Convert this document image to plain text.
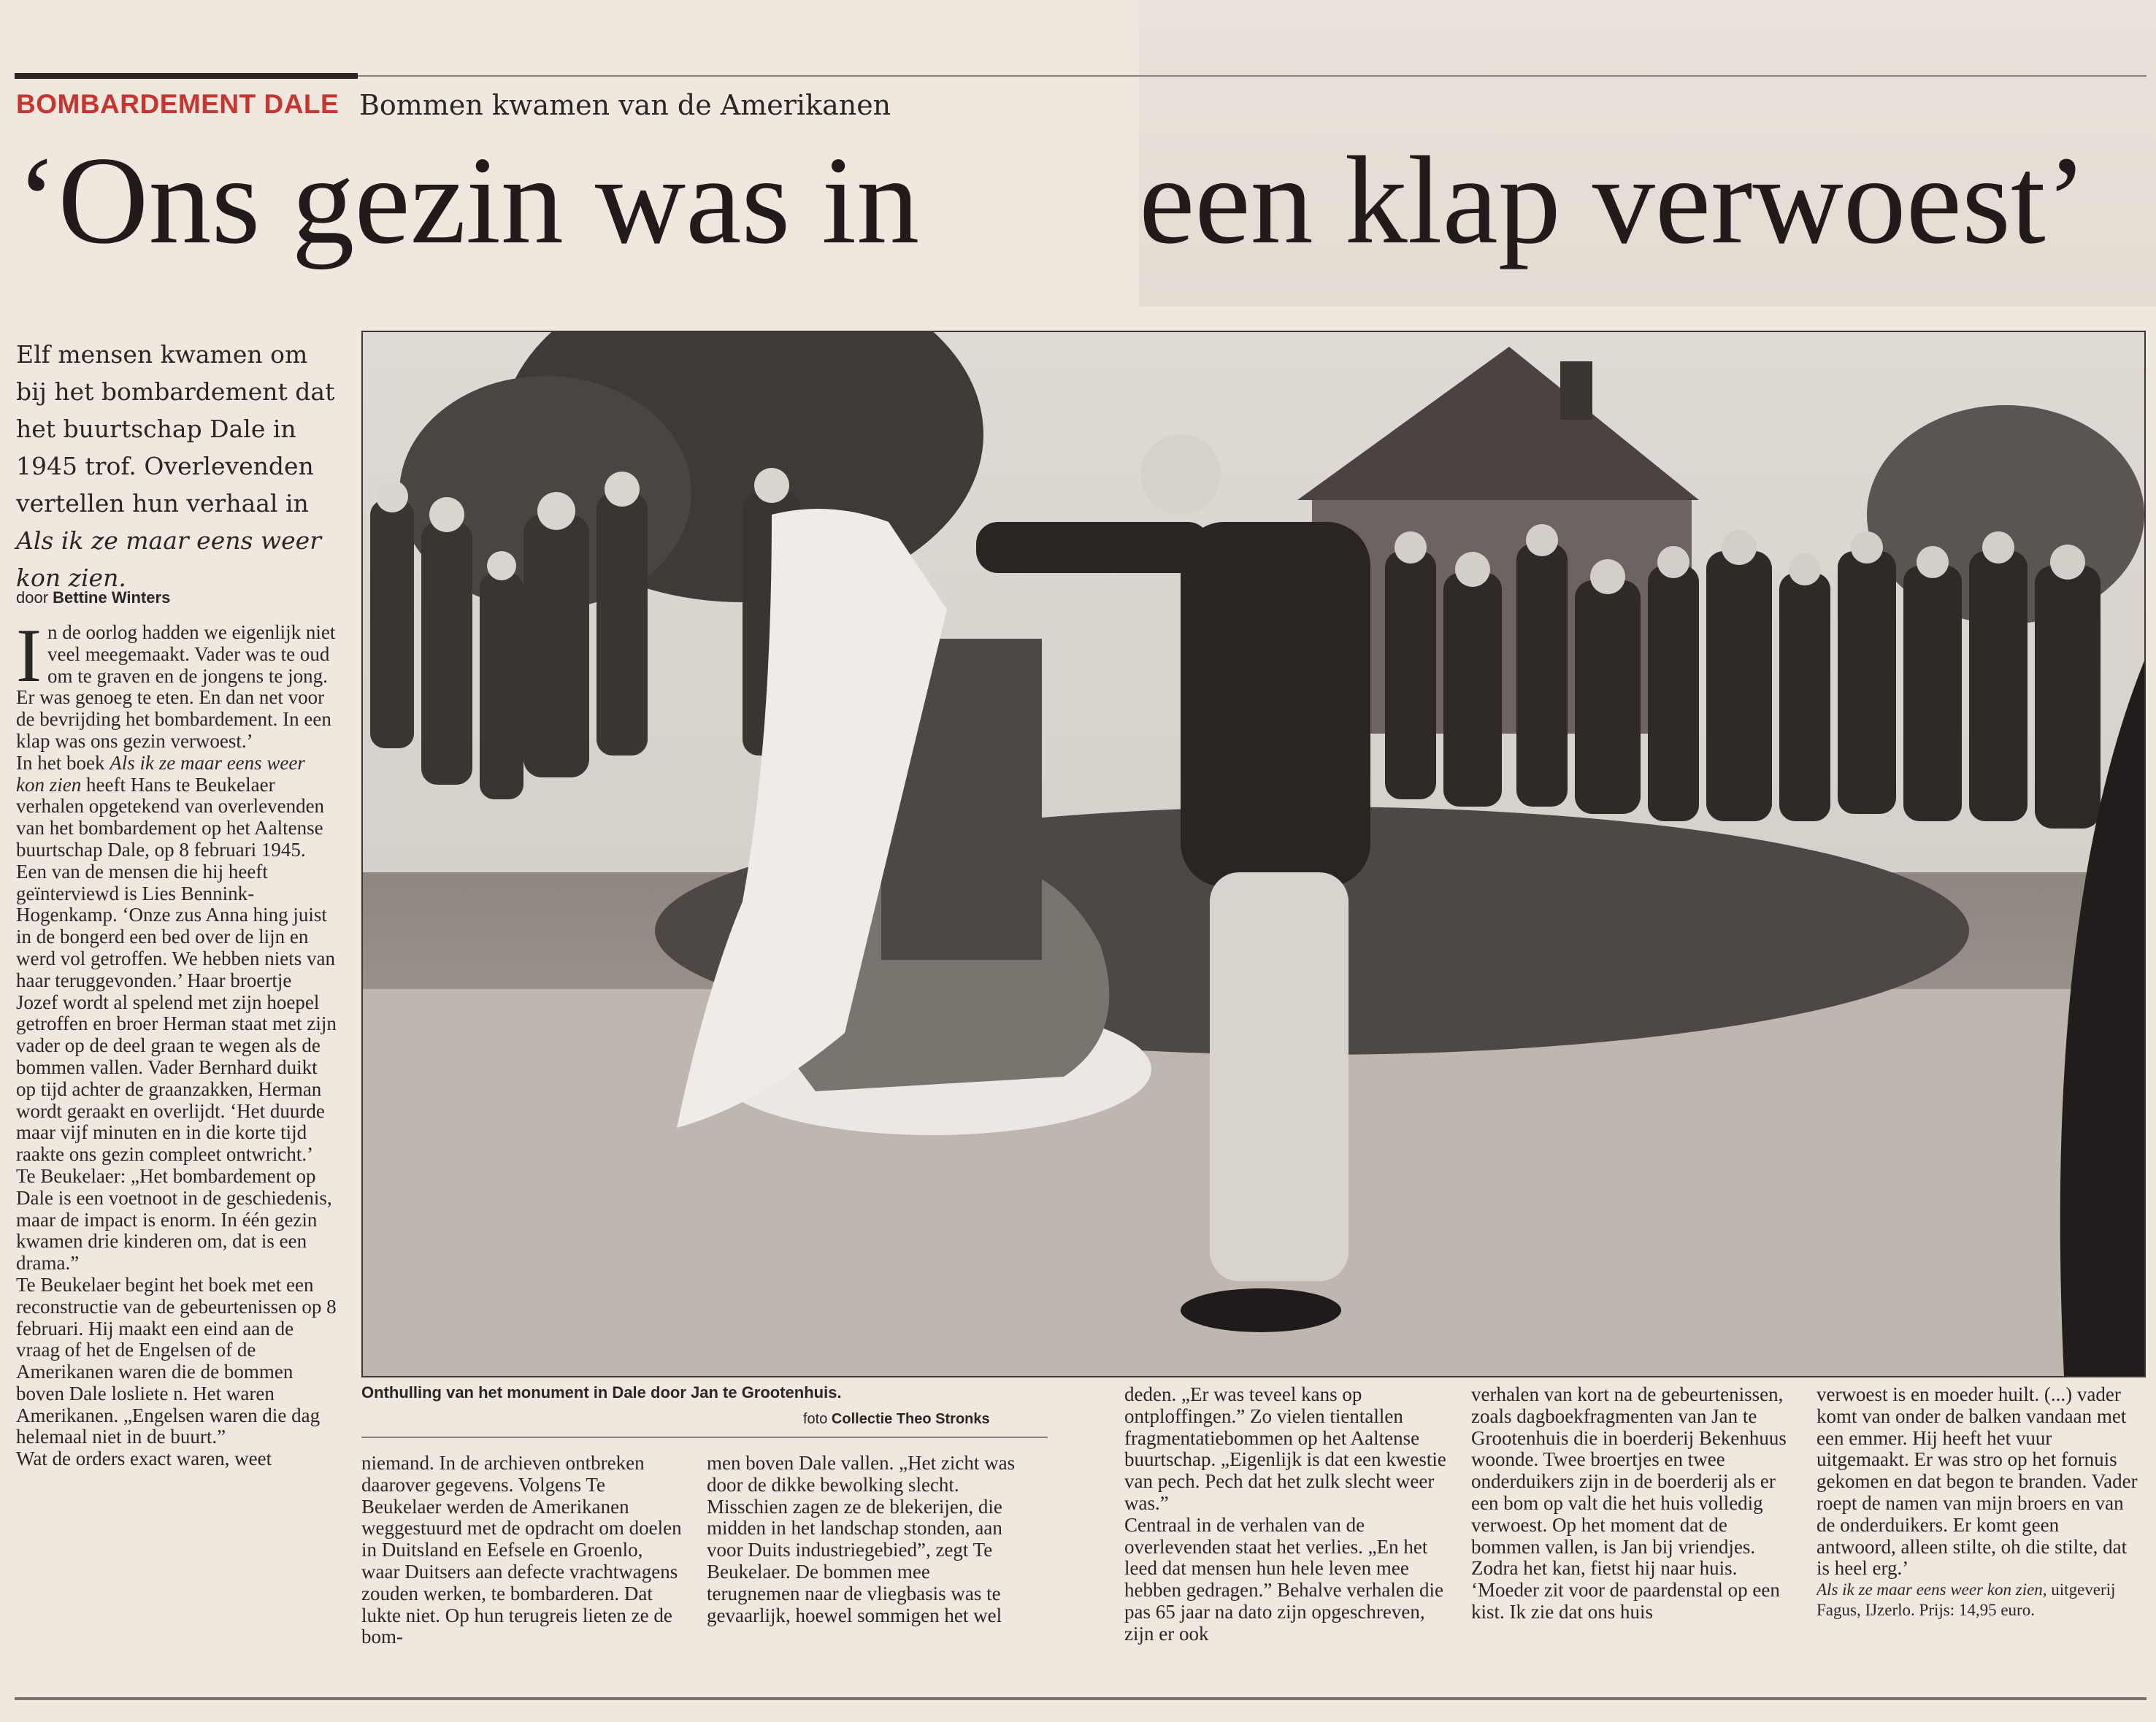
BOMBARDEMENT DALE Bommen kwamen van de Amerikanen
‘Ons gezin was in een klap verwoest’
Elf mensen kwamen om bij het bombardement dat het buurtschap Dale in 1945 trof. Overlevenden vertellen hun verhaal in Als ik ze maar eens weer kon zien.
door Bettine Winters

In de oorlog hadden we eigenlijk niet veel meegemaakt. Vader was te oud om te graven en de jongens te jong. Er was genoeg te eten. En dan net voor de bevrijding het bombardement. In een klap was ons gezin verwoest.’

In het boek Als ik ze maar eens weer kon zien heeft Hans te Beukelaer verhalen opgetekend van overlevenden van het bombardement op het Aaltense buurtschap Dale, op 8 februari 1945.

Een van de mensen die hij heeft geïnterviewd is Lies Bennink-Hogenkamp. ‘Onze zus Anna hing juist in de bongerd een bed over de lijn en werd vol getroffen. We hebben niets van haar teruggevonden.’ Haar broertje Jozef wordt al spelend met zijn hoepel getroffen en broer Herman staat met zijn vader op de deel graan te wegen als de bommen vallen. Vader Bernhard duikt op tijd achter de graanzakken, Herman wordt geraakt en overlijdt. ‘Het duurde maar vijf minuten en in die korte tijd raakte ons gezin compleet ontwricht.’

Te Beukelaer: „Het bombardement op Dale is een voetnoot in de geschiedenis, maar de impact is enorm. In één gezin kwamen drie kinderen om, dat is een drama.”

Te Beukelaer begint het boek met een reconstructie van de gebeurtenissen op 8 februari. Hij maakt een eind aan de vraag of het de Engelsen of de Amerikanen waren die de bommen boven Dale losliete n. Het waren Amerikanen. „Engelsen waren die dag helemaal niet in de buurt.”

Wat de orders exact waren, weet

Onthulling van het monument in Dale door Jan te Grootenhuis.
foto Collectie Theo Stronks
niemand. In de archieven ontbreken daarover gegevens. Volgens Te Beukelaer werden de Amerikanen weggestuurd met de opdracht om doelen in Duitsland en Eefsele en Groenlo, waar Duitsers aan defecte vrachtwagens zouden werken, te bombarderen. Dat lukte niet. Op hun terugreis lieten ze de bom-
men boven Dale vallen. „Het zicht was door de dikke bewolking slecht. Misschien zagen ze de blekerijen, die midden in het landschap stonden, aan voor Duits industriegebied”, zegt Te Beukelaer. De bommen mee terugnemen naar de vliegbasis was te gevaarlijk, hoewel sommigen het wel

deden. „Er was teveel kans op ontploffingen.” Zo vielen tientallen fragmentatiebommen op het Aaltense buurtschap. „Eigenlijk is dat een kwestie van pech. Pech dat het zulk slecht weer was.”

Centraal in de verhalen van de overlevenden staat het verlies. „En het leed dat mensen hun hele leven mee hebben gedragen.” Behalve verhalen die pas 65 jaar na dato zijn opgeschreven, zijn er ook

verhalen van kort na de gebeurtenissen, zoals dagboekfragmenten van Jan te Grootenhuis die in boerderij Bekenhuus woonde. Twee broertjes en twee onderduikers zijn in de boerderij als er een bom op valt die het huis volledig verwoest. Op het moment dat de bommen vallen, is Jan bij vriendjes. Zodra het kan, fietst hij naar huis. ‘Moeder zit voor de paardenstal op een kist. Ik zie dat ons huis

verwoest is en moeder huilt. (...) vader komt van onder de balken vandaan met een emmer. Hij heeft het vuur uitgemaakt. Er was stro op het fornuis gekomen en dat begon te branden. Vader roept de namen van mijn broers en van de onderduikers. Er komt geen antwoord, alleen stilte, oh die stilte, dat is heel erg.’

Als ik ze maar eens weer kon zien, uitgeverij Fagus, IJzerlo. Prijs: 14,95 euro.
